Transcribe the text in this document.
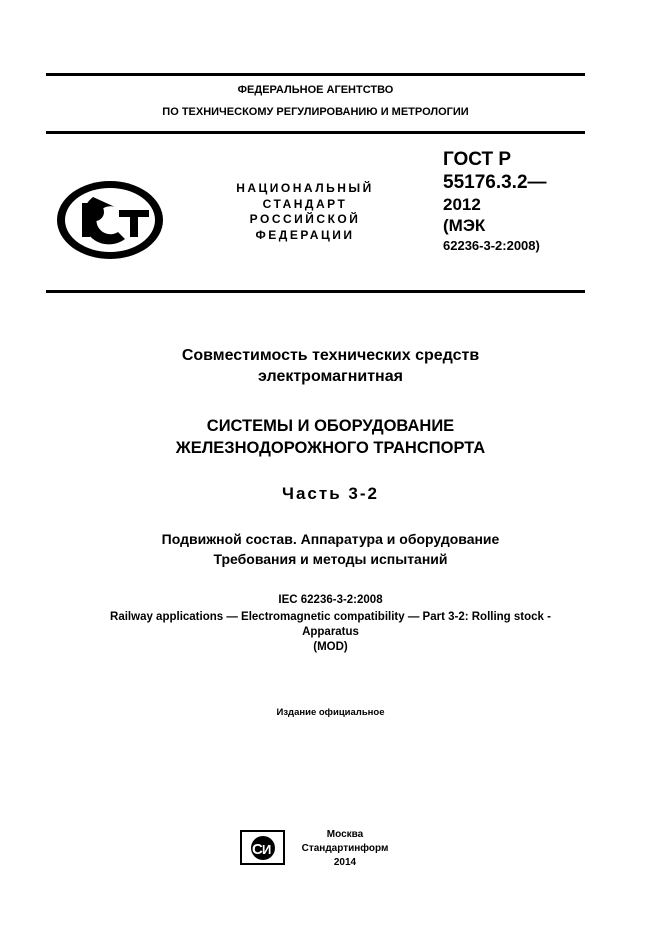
ФЕДЕРАЛЬНОЕ АГЕНТСТВО
ПО ТЕХНИЧЕСКОМУ РЕГУЛИРОВАНИЮ И МЕТРОЛОГИИ
НАЦИОНАЛЬНЫЙ
СТАНДАРТ
РОССИЙСКОЙ
ФЕДЕРАЦИИ
ГОСТ Р
55176.3.2—
2012
(МЭК
62236-3-2:2008)
Совместимость технических средств
электромагнитная
СИСТЕМЫ И ОБОРУДОВАНИЕ
ЖЕЛЕЗНОДОРОЖНОГО ТРАНСПОРТА
Часть 3-2
Подвижной состав. Аппаратура и оборудование
Требования и методы испытаний
IEC 62236-3-2:2008
Railway applications — Electromagnetic compatibility — Part 3-2: Rolling stock -
Apparatus
(MOD)
Издание официальное
С И
Москва
Стандартинформ
2014
